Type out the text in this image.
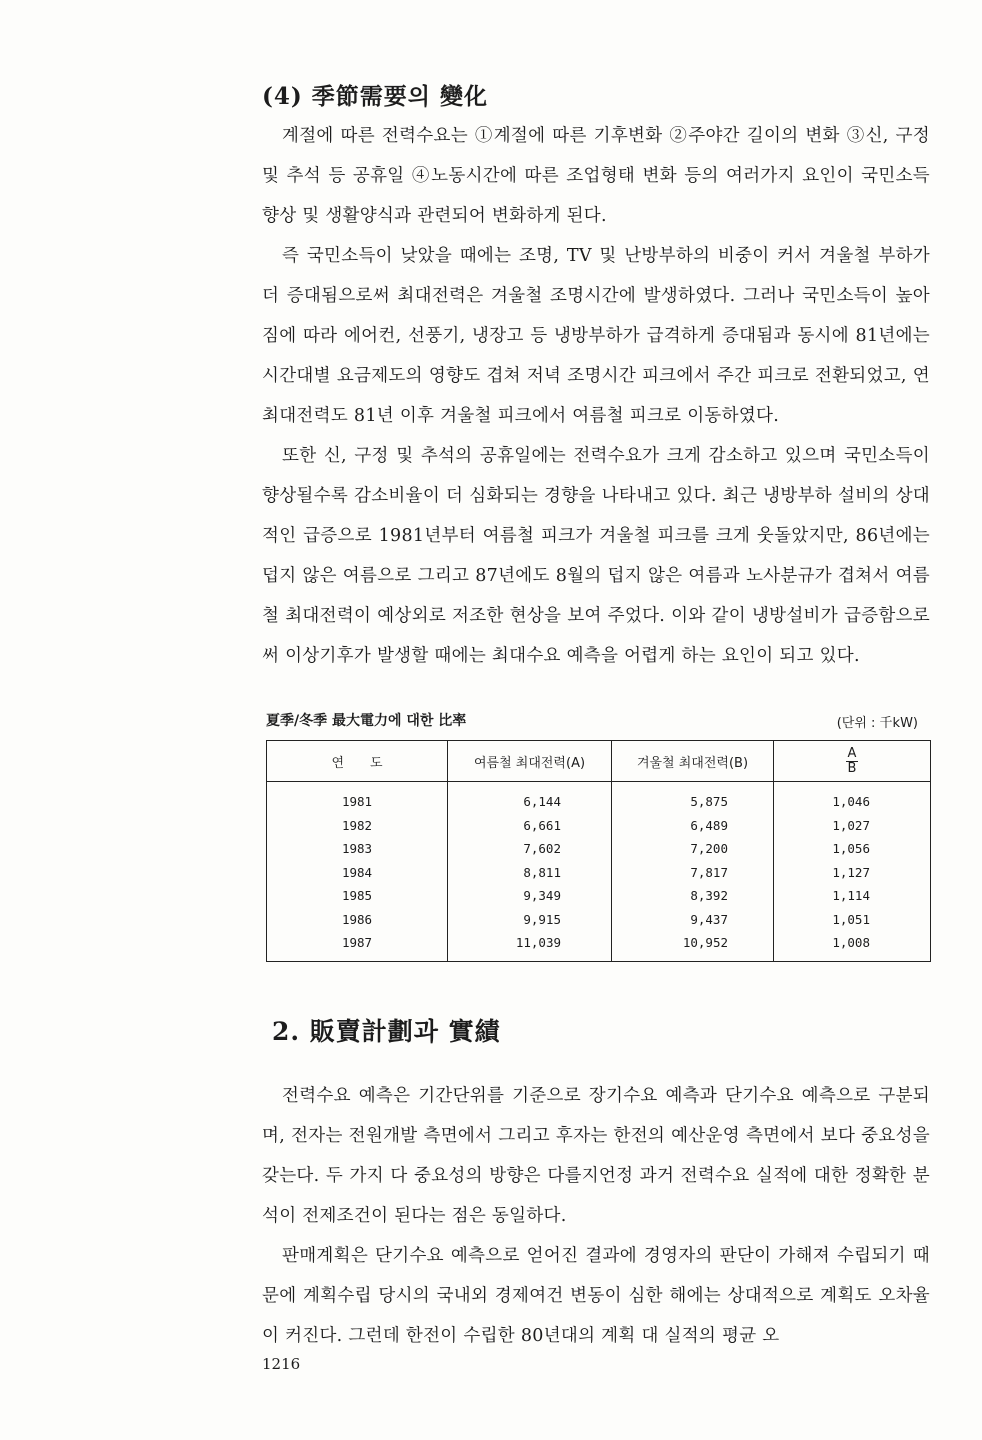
(4) 季節需要의 變化

계절에 따른 전력수요는 ①계절에 따른 기후변화 ②주야간 길이의 변화 ③신, 구정 및 추석 등 공휴일 ④노동시간에 따른 조업형태 변화 등의 여러가지 요인이 국민소득 향상 및 생활양식과 관련되어 변화하게 된다.

즉 국민소득이 낮았을 때에는 조명, TV 및 난방부하의 비중이 커서 겨울철 부하가 더 증대됨으로써 최대전력은 겨울철 조명시간에 발생하였다. 그러나 국민소득이 높아짐에 따라 에어컨, 선풍기, 냉장고 등 냉방부하가 급격하게 증대됨과 동시에 81년에는 시간대별 요금제도의 영향도 겹쳐 저녁 조명시간 피크에서 주간 피크로 전환되었고, 연 최대전력도 81년 이후 겨울철 피크에서 여름철 피크로 이동하였다.

또한 신, 구정 및 추석의 공휴일에는 전력수요가 크게 감소하고 있으며 국민소득이 향상될수록 감소비율이 더 심화되는 경향을 나타내고 있다. 최근 냉방부하 설비의 상대적인 급증으로 1981년부터 여름철 피크가 겨울철 피크를 크게 웃돌았지만, 86년에는 덥지 않은 여름으로 그리고 87년에도 8월의 덥지 않은 여름과 노사분규가 겹쳐서 여름철 최대전력이 예상외로 저조한 현상을 보여 주었다. 이와 같이 냉방설비가 급증함으로써 이상기후가 발생할 때에는 최대수요 예측을 어렵게 하는 요인이 되고 있다.

夏季/冬季 最大電力에 대한 比率	(단위 : 千kW)
연　　도	여름철 최대전력(A)	겨울철 최대전력(B)	$\frac{A}{B}$

1981	6,144	5,875	1,046
1982	6,661	6,489	1,027
1983	7,602	7,200	1,056
1984	8,811	7,817	1,127
1985	9,349	8,392	1,114
1986	9,915	9,437	1,051
1987	11,039	10,952	1,008
2. 販賣計劃과 實績

전력수요 예측은 기간단위를 기준으로 장기수요 예측과 단기수요 예측으로 구분되며, 전자는 전원개발 측면에서 그리고 후자는 한전의 예산운영 측면에서 보다 중요성을 갖는다. 두 가지 다 중요성의 방향은 다를지언정 과거 전력수요 실적에 대한 정확한 분석이 전제조건이 된다는 점은 동일하다.

판매계획은 단기수요 예측으로 얻어진 결과에 경영자의 판단이 가해져 수립되기 때문에 계획수립 당시의 국내외 경제여건 변동이 심한 해에는 상대적으로 계획도 오차율이 커진다. 그런데 한전이 수립한 80년대의 계획 대 실적의 평균 오

1216
